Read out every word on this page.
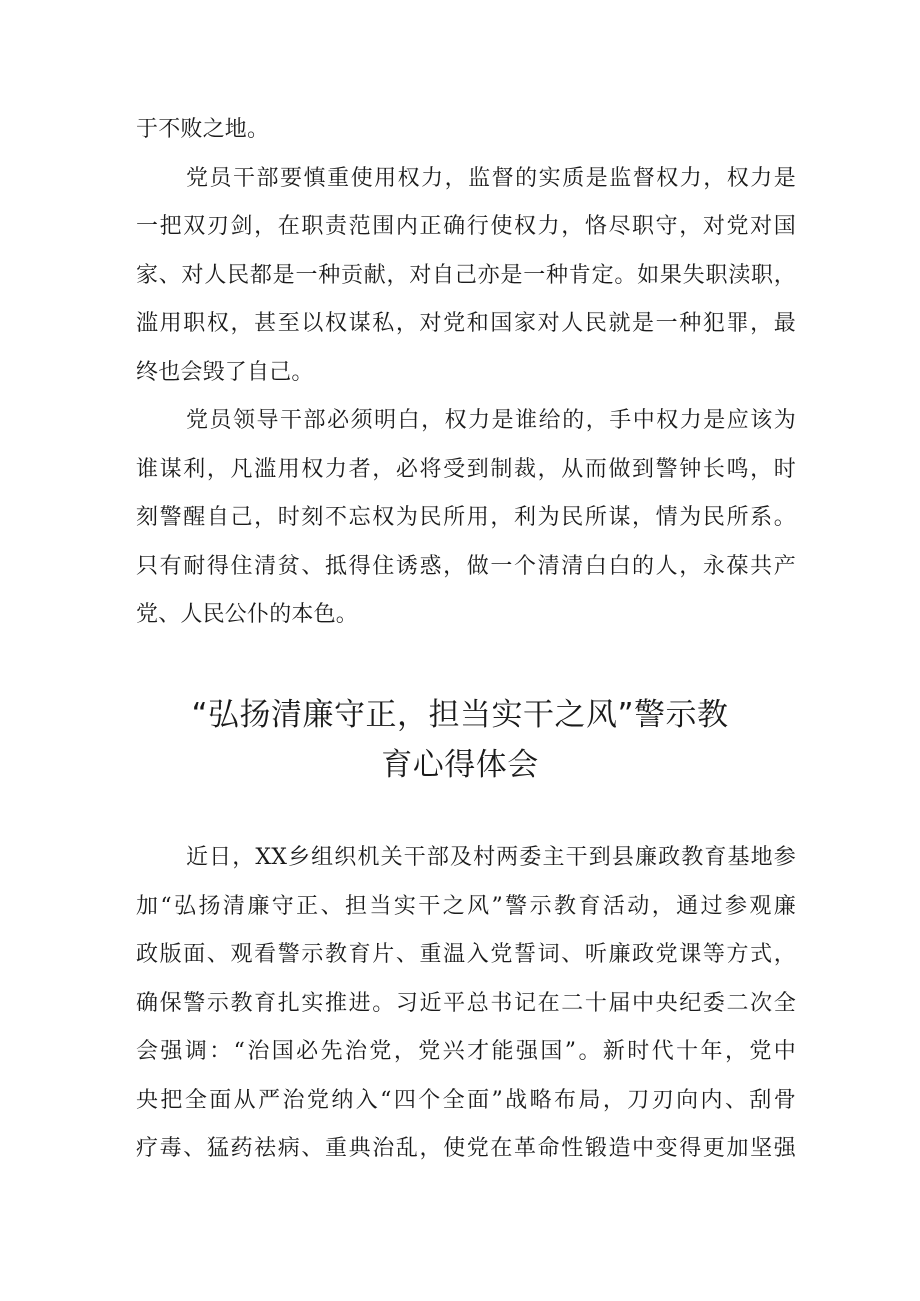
于不败之地。
党员干部要慎重使用权力，监督的实质是监督权力，权力是
一把双刃剑，在职责范围内正确行使权力，恪尽职守，对党对国
家、对人民都是一种贡献，对自己亦是一种肯定。如果失职渎职，
滥用职权，甚至以权谋私，对党和国家对人民就是一种犯罪，最
终也会毁了自己。
党员领导干部必须明白，权力是谁给的，手中权力是应该为
谁谋利，凡滥用权力者，必将受到制裁，从而做到警钟长鸣，时
刻警醒自己，时刻不忘权为民所用，利为民所谋，情为民所系。
只有耐得住清贫、抵得住诱惑，做一个清清白白的人，永葆共产
党、人民公仆的本色。
“弘扬清廉守正，担当实干之风”警示教
育心得体会
近日，XX乡组织机关干部及村两委主干到县廉政教育基地参
加“弘扬清廉守正、担当实干之风”警示教育活动，通过参观廉
政版面、观看警示教育片、重温入党誓词、听廉政党课等方式，
确保警示教育扎实推进。习近平总书记在二十届中央纪委二次全
会强调：“治国必先治党，党兴才能强国”。新时代十年，党中
央把全面从严治党纳入“四个全面”战略布局，刀刃向内、刮骨
疗毒、猛药祛病、重典治乱，使党在革命性锻造中变得更加坚强
